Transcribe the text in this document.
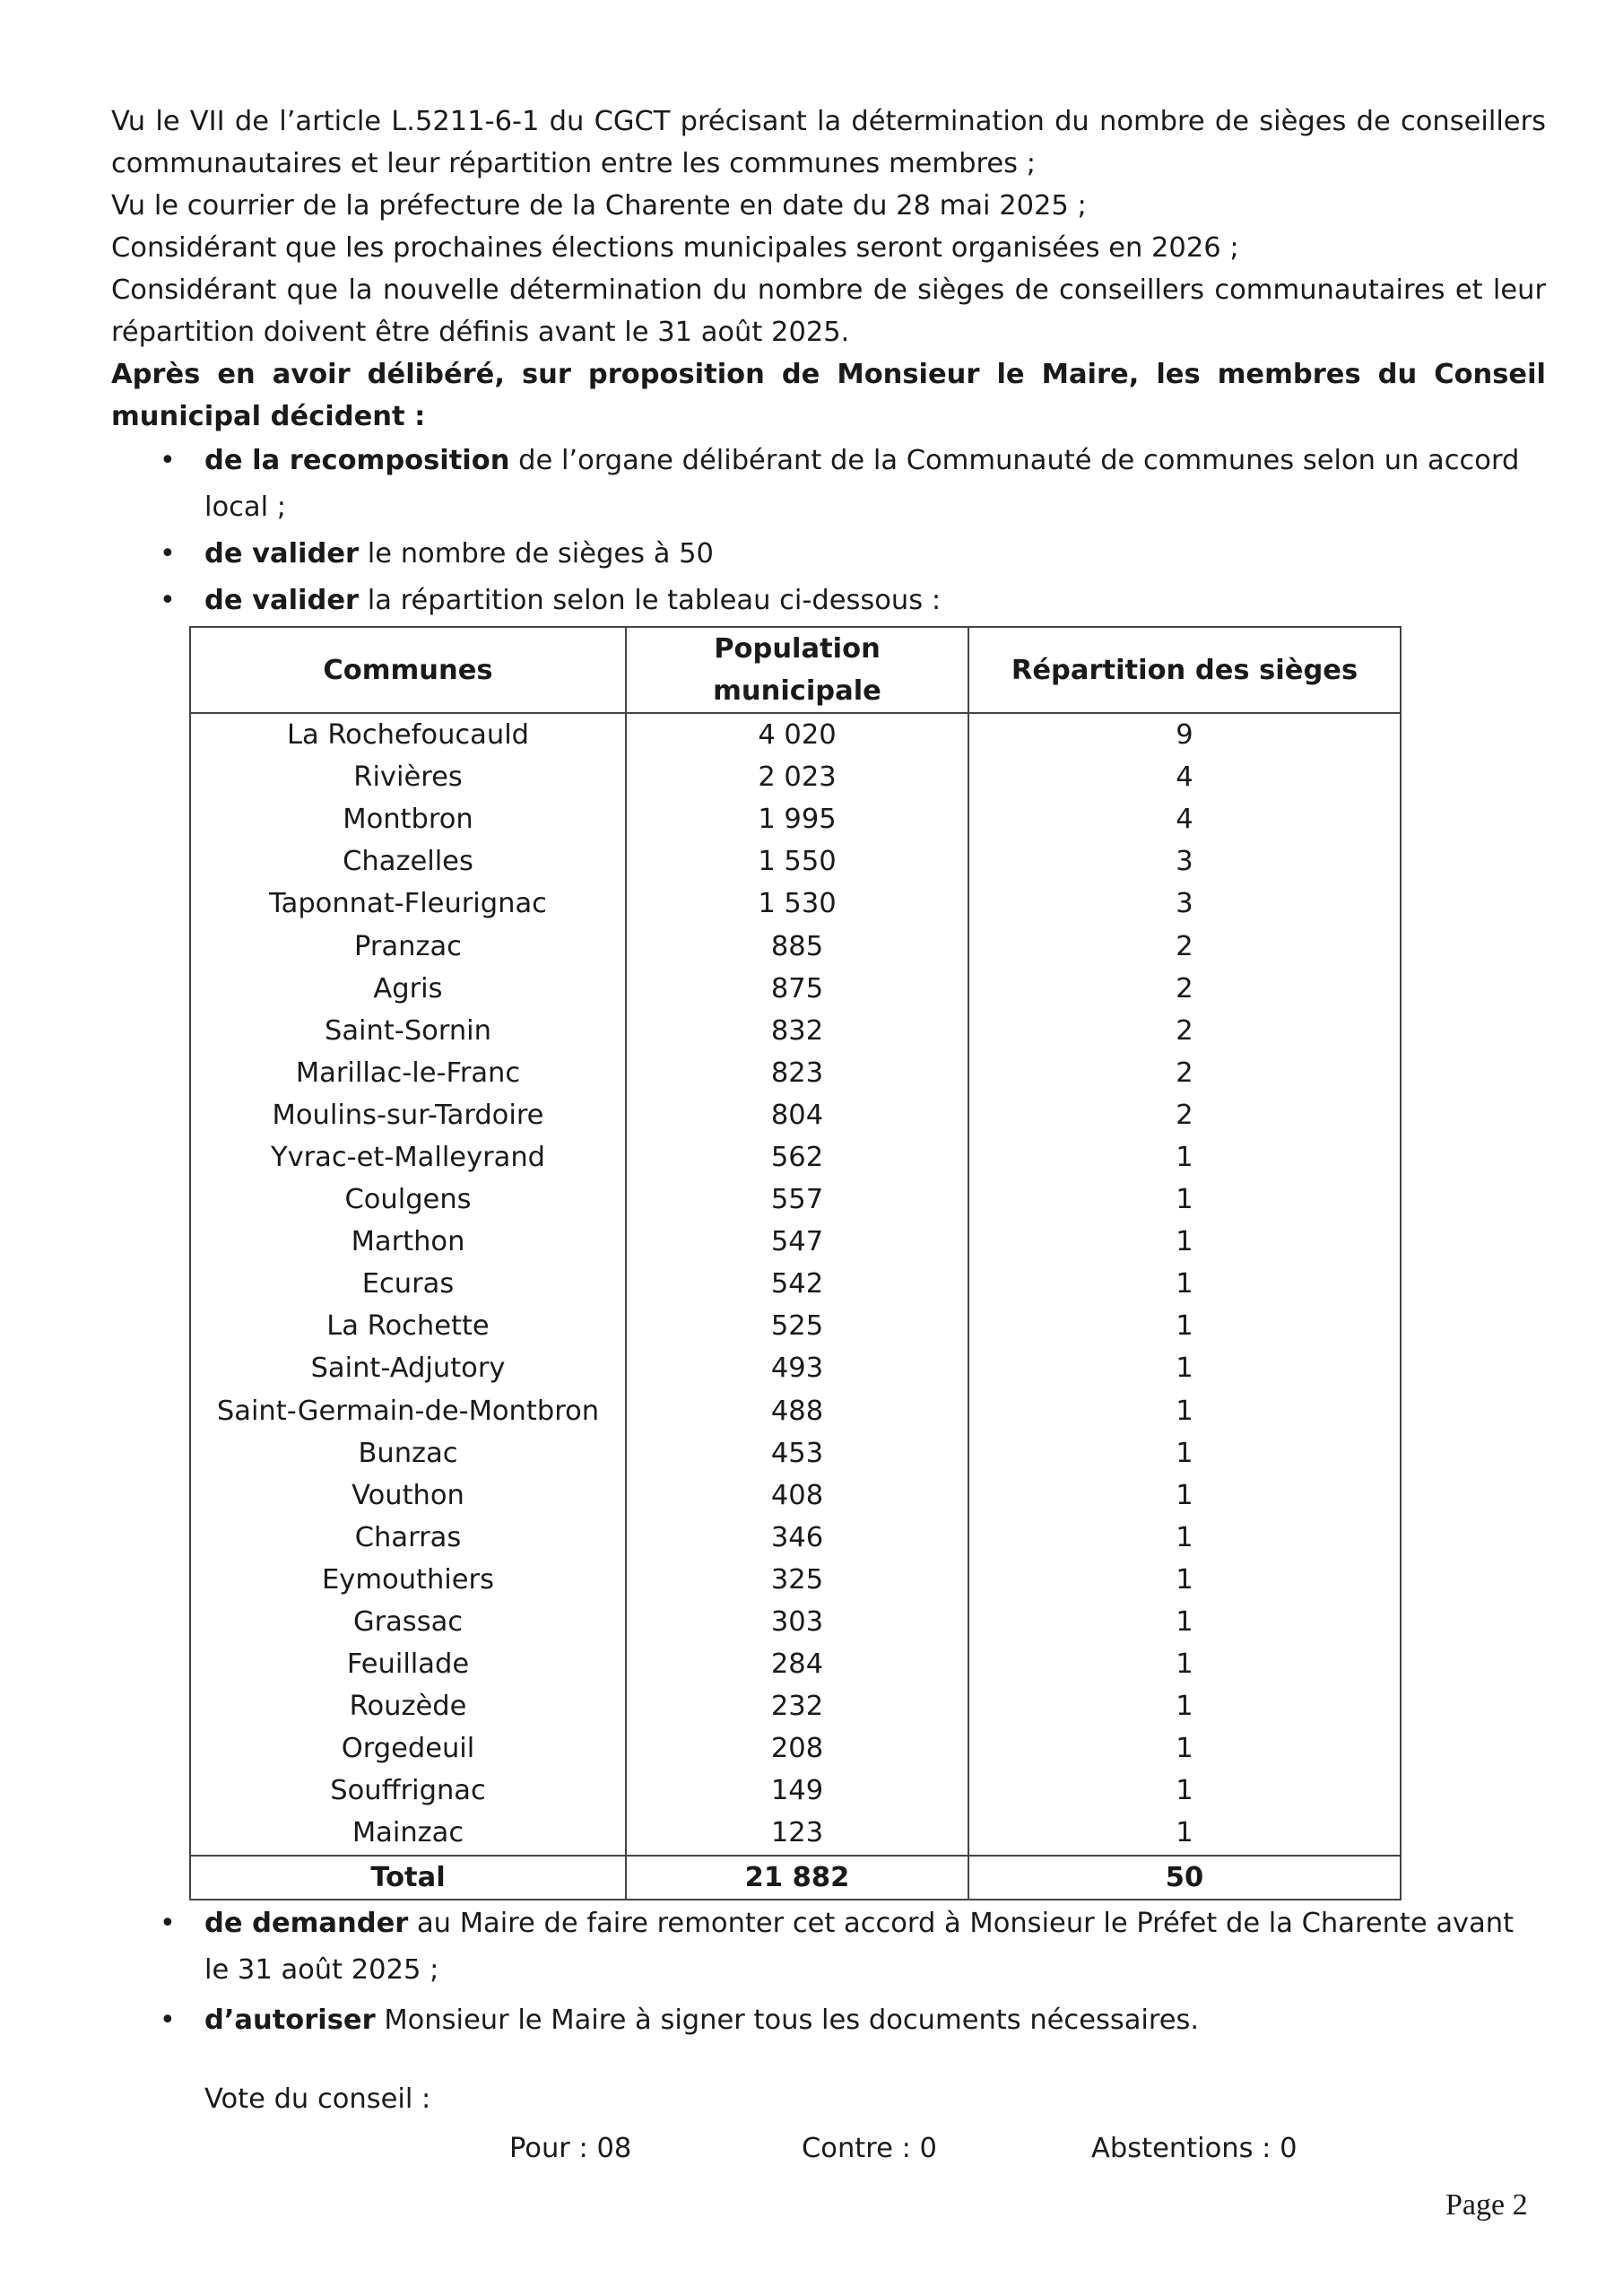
Vu le VII de l’article L.5211-6-1 du CGCT précisant la détermination du nombre de sièges de conseillers communautaires et leur répartition entre les communes membres ;

Vu le courrier de la préfecture de la Charente en date du 28 mai 2025 ;

Considérant que les prochaines élections municipales seront organisées en 2026 ;

Considérant que la nouvelle détermination du nombre de sièges de conseillers communautaires et leur répartition doivent être définis avant le 31 août 2025.

Après en avoir délibéré, sur proposition de Monsieur le Maire, les membres du Conseil municipal décident :

• de la recomposition de l’organe délibérant de la Communauté de communes selon un accord local ;
• de valider le nombre de sièges à 50
• de valider la répartition selon le tableau ci-dessous :
Communes	Population municipale	Répartition des sièges
La Rochefoucauld	4 020	9
Rivières	2 023	4
Montbron	1 995	4
Chazelles	1 550	3
Taponnat-Fleurignac	1 530	3
Pranzac	885	2
Agris	875	2
Saint-Sornin	832	2
Marillac-le-Franc	823	2
Moulins-sur-Tardoire	804	2
Yvrac-et-Malleyrand	562	1
Coulgens	557	1
Marthon	547	1
Ecuras	542	1
La Rochette	525	1
Saint-Adjutory	493	1
Saint-Germain-de-Montbron	488	1
Bunzac	453	1
Vouthon	408	1
Charras	346	1
Eymouthiers	325	1
Grassac	303	1
Feuillade	284	1
Rouzède	232	1
Orgedeuil	208	1
Souffrignac	149	1
Mainzac	123	1
Total	21 882	50
• de demander au Maire de faire remonter cet accord à Monsieur le Préfet de la Charente avant le 31 août 2025 ;
• d’autoriser Monsieur le Maire à signer tous les documents nécessaires.
Vote du conseil :
Pour : 08	Contre : 0	Abstentions : 0
Page 2
